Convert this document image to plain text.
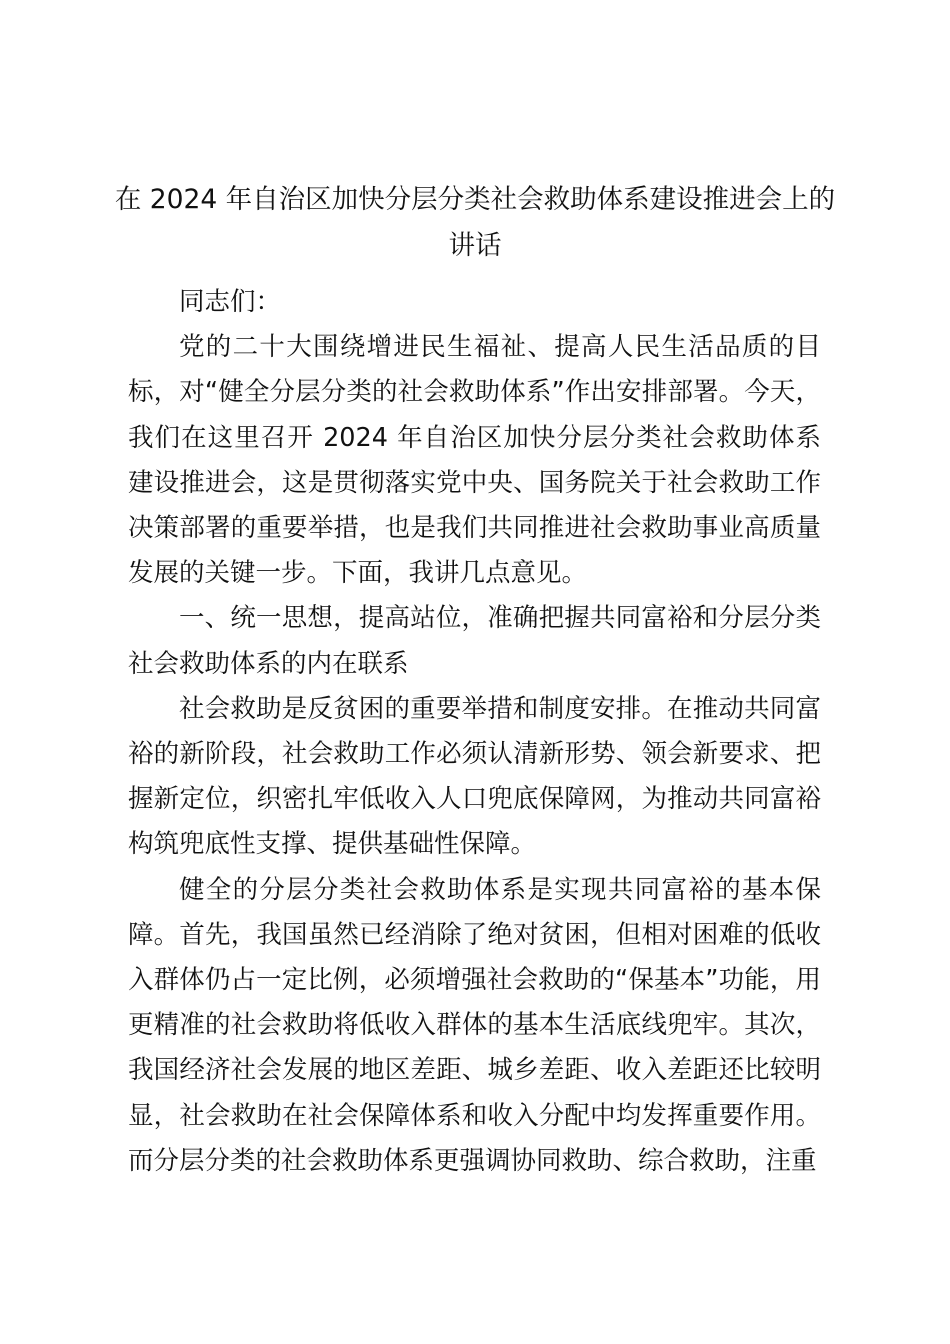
在 2024 年自治区加快分层分类社会救助体系建设推进会上的讲话

同志们：

党的二十大围绕增进民生福祉、提高人民生活品质的目标，对“健全分层分类的社会救助体系”作出安排部署。今天，我们在这里召开 2024 年自治区加快分层分类社会救助体系建设推进会，这是贯彻落实党中央、国务院关于社会救助工作决策部署的重要举措，也是我们共同推进社会救助事业高质量发展的关键一步。下面，我讲几点意见。

一、统一思想，提高站位，准确把握共同富裕和分层分类社会救助体系的内在联系

社会救助是反贫困的重要举措和制度安排。在推动共同富裕的新阶段，社会救助工作必须认清新形势、领会新要求、把握新定位，织密扎牢低收入人口兜底保障网，为推动共同富裕构筑兜底性支撑、提供基础性保障。

健全的分层分类社会救助体系是实现共同富裕的基本保障。首先，我国虽然已经消除了绝对贫困，但相对困难的低收入群体仍占一定比例，必须增强社会救助的“保基本”功能，用更精准的社会救助将低收入群体的基本生活底线兜牢。其次，我国经济社会发展的地区差距、城乡差距、收入差距还比较明显，社会救助在社会保障体系和收入分配中均发挥重要作用。而分层分类的社会救助体系更强调协同救助、综合救助，注重
